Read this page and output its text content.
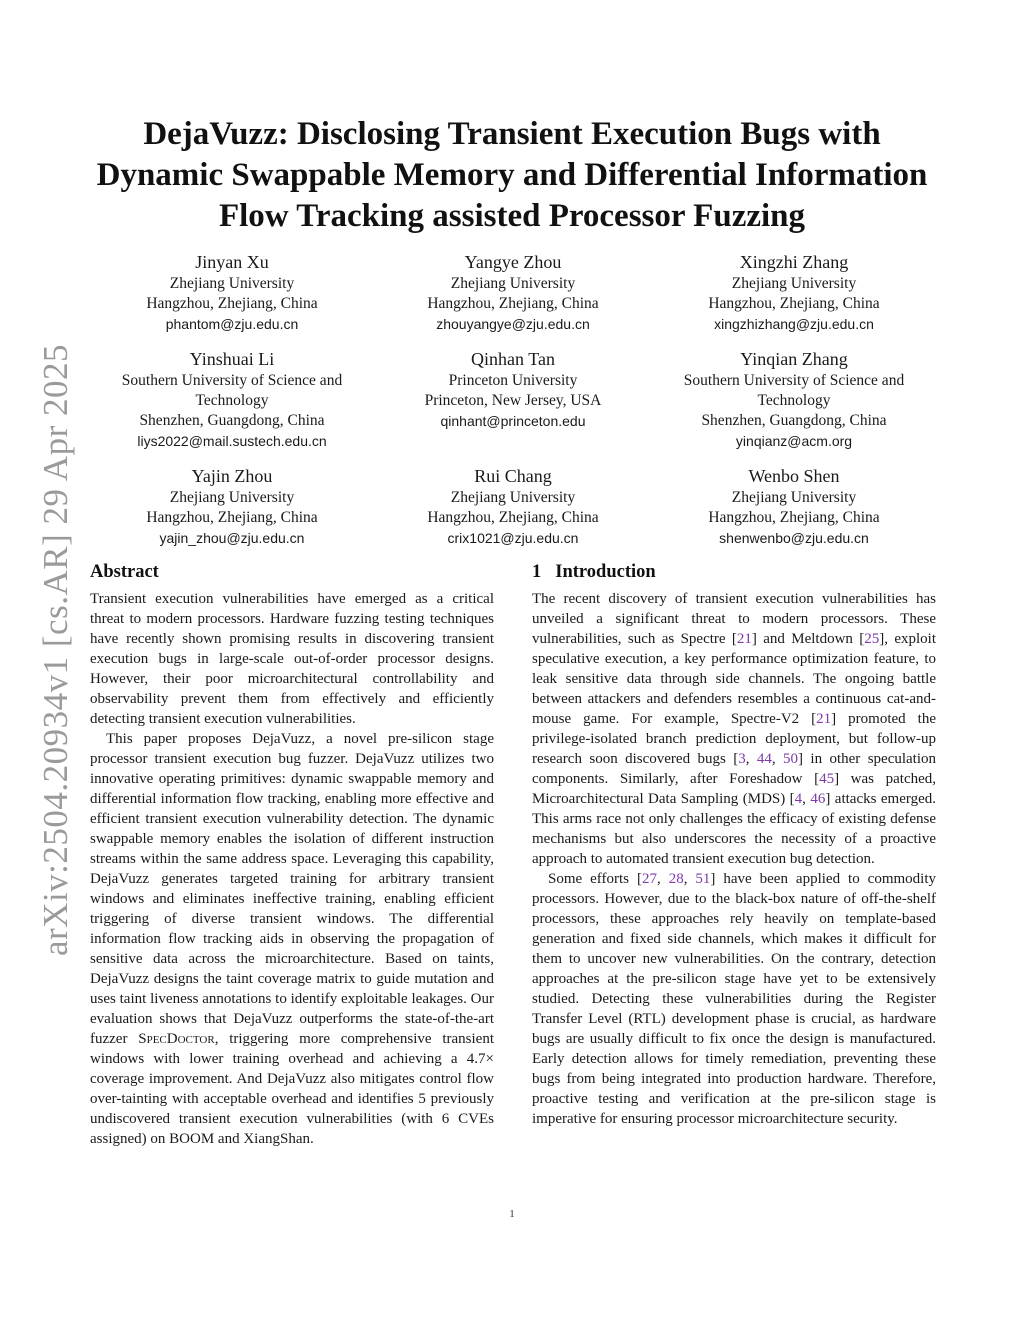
arXiv:2504.20934v1 [cs.AR] 29 Apr 2025
DejaVuzz: Disclosing Transient Execution Bugs with Dynamic Swappable Memory and Differential Information Flow Tracking assisted Processor Fuzzing
Jinyan Xu
Zhejiang University
Hangzhou, Zhejiang, China
phantom@zju.edu.cn
Yangye Zhou
Zhejiang University
Hangzhou, Zhejiang, China
zhouyangye@zju.edu.cn
Xingzhi Zhang
Zhejiang University
Hangzhou, Zhejiang, China
xingzhizhang@zju.edu.cn
Yinshuai Li
Southern University of Science and Technology
Shenzhen, Guangdong, China
liys2022@mail.sustech.edu.cn
Qinhan Tan
Princeton University
Princeton, New Jersey, USA
qinhant@princeton.edu
Yinqian Zhang
Southern University of Science and Technology
Shenzhen, Guangdong, China
yinqianz@acm.org
Yajin Zhou
Zhejiang University
Hangzhou, Zhejiang, China
yajin_zhou@zju.edu.cn
Rui Chang
Zhejiang University
Hangzhou, Zhejiang, China
crix1021@zju.edu.cn
Wenbo Shen
Zhejiang University
Hangzhou, Zhejiang, China
shenwenbo@zju.edu.cn
Abstract

Transient execution vulnerabilities have emerged as a critical threat to modern processors. Hardware fuzzing testing techniques have recently shown promising results in discovering transient execution bugs in large-scale out-of-order processor designs. However, their poor microarchitectural controllability and observability prevent them from effectively and efficiently detecting transient execution vulnerabilities.

This paper proposes DejaVuzz, a novel pre-silicon stage processor transient execution bug fuzzer. DejaVuzz utilizes two innovative operating primitives: dynamic swappable memory and differential information flow tracking, enabling more effective and efficient transient execution vulnerability detection. The dynamic swappable memory enables the isolation of different instruction streams within the same address space. Leveraging this capability, DejaVuzz generates targeted training for arbitrary transient windows and eliminates ineffective training, enabling efficient triggering of diverse transient windows. The differential information flow tracking aids in observing the propagation of sensitive data across the microarchitecture. Based on taints, DejaVuzz designs the taint coverage matrix to guide mutation and uses taint liveness annotations to identify exploitable leakages. Our evaluation shows that DejaVuzz outperforms the state-of-the-art fuzzer SpecDoctor, triggering more comprehensive transient windows with lower training overhead and achieving a 4.7× coverage improvement. And DejaVuzz also mitigates control flow over-tainting with acceptable overhead and identifies 5 previously undiscovered transient execution vulnerabilities (with 6 CVEs assigned) on BOOM and XiangShan.

1 Introduction

The recent discovery of transient execution vulnerabilities has unveiled a significant threat to modern processors. These vulnerabilities, such as Spectre [21] and Meltdown [25], exploit speculative execution, a key performance optimization feature, to leak sensitive data through side channels. The ongoing battle between attackers and defenders resembles a continuous cat-and-mouse game. For example, Spectre-V2 [21] promoted the privilege-isolated branch prediction deployment, but follow-up research soon discovered bugs [3, 44, 50] in other speculation components. Similarly, after Foreshadow [45] was patched, Microarchitectural Data Sampling (MDS) [4, 46] attacks emerged. This arms race not only challenges the efficacy of existing defense mechanisms but also underscores the necessity of a proactive approach to automated transient execution bug detection.

Some efforts [27, 28, 51] have been applied to commodity processors. However, due to the black-box nature of off-the-shelf processors, these approaches rely heavily on template-based generation and fixed side channels, which makes it difficult for them to uncover new vulnerabilities. On the contrary, detection approaches at the pre-silicon stage have yet to be extensively studied. Detecting these vulnerabilities during the Register Transfer Level (RTL) development phase is crucial, as hardware bugs are usually difficult to fix once the design is manufactured. Early detection allows for timely remediation, preventing these bugs from being integrated into production hardware. Therefore, proactive testing and verification at the pre-silicon stage is imperative for ensuring processor microarchitecture security.

1
